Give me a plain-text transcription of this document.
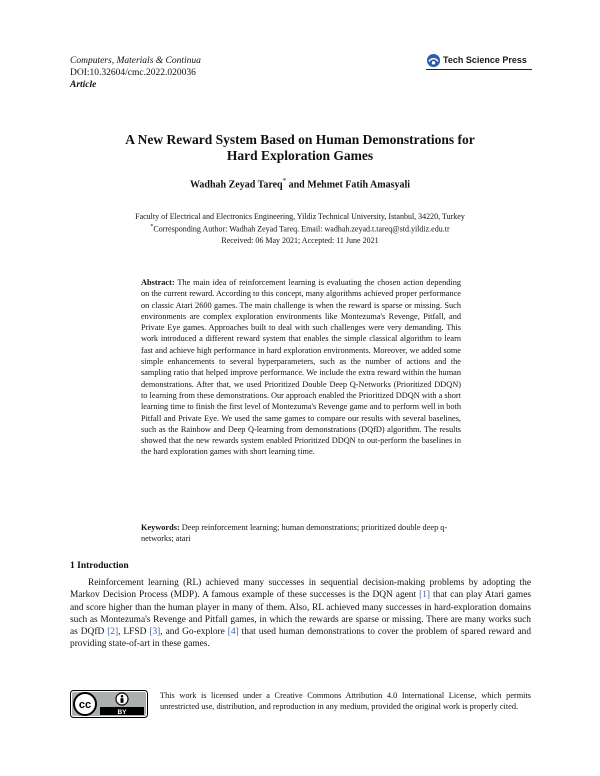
Computers, Materials & Continua
DOI:10.32604/cmc.2022.020036
Article
Tech Science Press
A New Reward System Based on Human Demonstrations for
Hard Exploration Games
Wadhah Zeyad Tareq* and Mehmet Fatih Amasyali
Faculty of Electrical and Electronics Engineering, Yildiz Technical University, Istanbul, 34220, Turkey
*Corresponding Author: Wadhah Zeyad Tareq. Email: wadhah.zeyad.t.tareq@std.yildiz.edu.tr
Received: 06 May 2021; Accepted: 11 June 2021
Abstract: The main idea of reinforcement learning is evaluating the chosen action depending on the current reward. According to this concept, many algorithms achieved proper performance on classic Atari 2600 games. The main challenge is when the reward is sparse or missing. Such environments are complex exploration environments like Montezuma's Revenge, Pitfall, and Private Eye games. Approaches built to deal with such challenges were very demanding. This work introduced a different reward system that enables the simple classical algorithm to learn fast and achieve high performance in hard exploration environments. Moreover, we added some simple enhancements to several hyperparameters, such as the number of actions and the sampling ratio that helped improve performance. We include the extra reward within the human demonstrations. After that, we used Prioritized Double Deep Q-Networks (Prioritized DDQN) to learning from these demonstrations. Our approach enabled the Prioritized DDQN with a short learning time to finish the first level of Montezuma's Revenge game and to perform well in both Pitfall and Private Eye. We used the same games to compare our results with several baselines, such as the Rainbow and Deep Q-learning from demonstrations (DQfD) algorithm. The results showed that the new rewards system enabled Prioritized DDQN to out-perform the baselines in the hard exploration games with short learning time.
Keywords: Deep reinforcement learning; human demonstrations; prioritized double deep q-networks; atari
1 Introduction
Reinforcement learning (RL) achieved many successes in sequential decision-making problems by adopting the Markov Decision Process (MDP). A famous example of these successes is the DQN agent [1] that can play Atari games and score higher than the human player in many of them. Also, RL achieved many successes in hard-exploration domains such as Montezuma's Revenge and Pitfall games, in which the rewards are sparse or missing. There are many works such as DQfD [2], LFSD [3], and Go-explore [4] that used human demonstrations to cover the problem of spared reward and providing state-of-art in these games.
cc
BY
This work is licensed under a Creative Commons Attribution 4.0 International License, which permits unrestricted use, distribution, and reproduction in any medium, provided the original work is properly cited.
